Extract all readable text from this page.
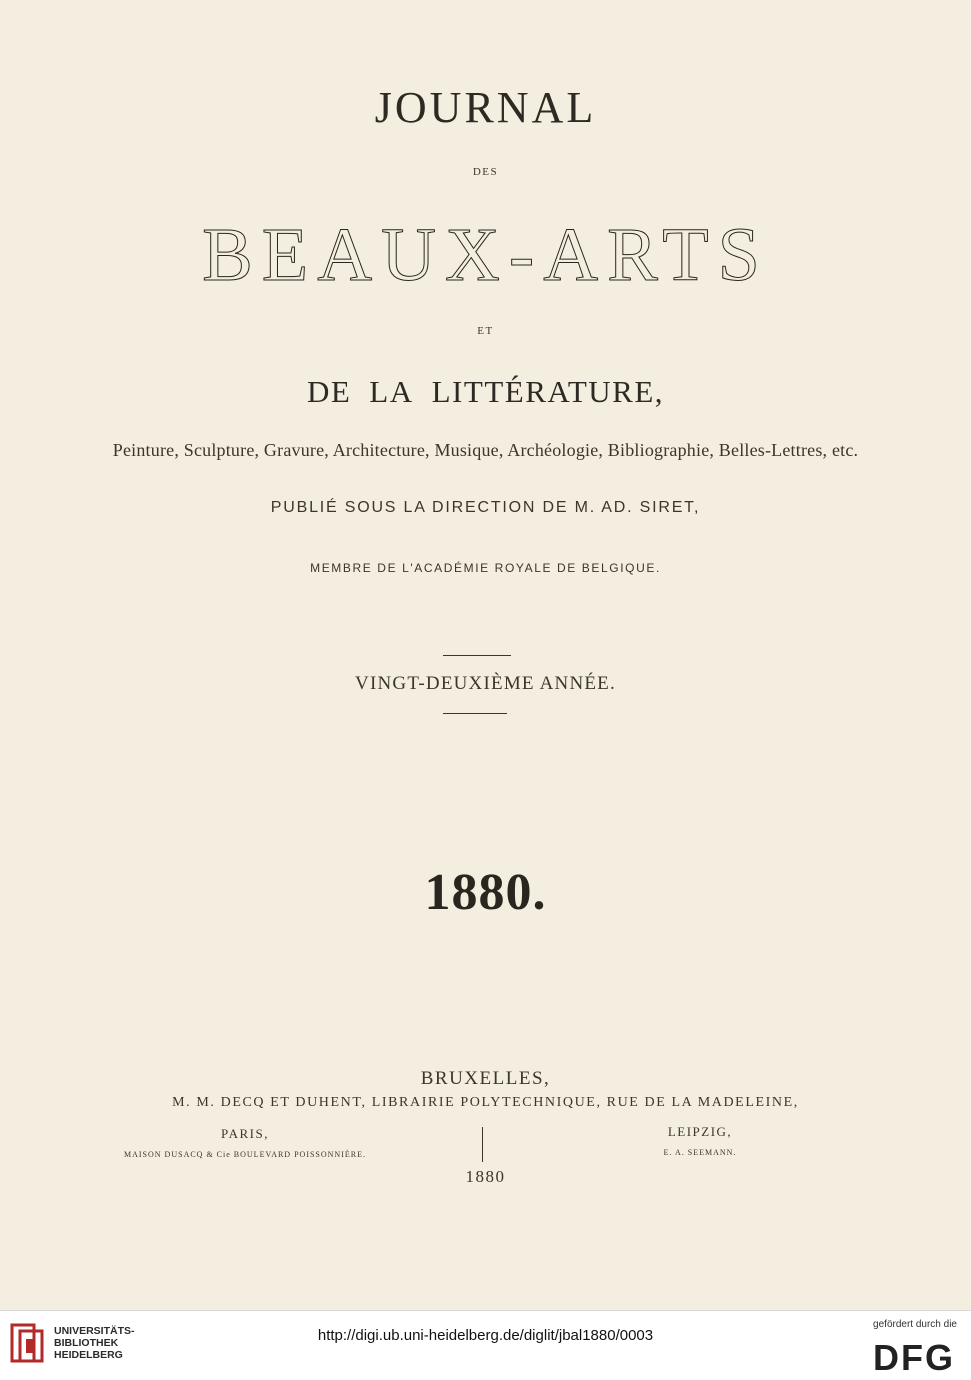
JOURNAL

DES

BEAUX-ARTS

ET

DE LA LITTÉRATURE,

Peinture, Sculpture, Gravure, Architecture, Musique, Archéologie, Bibliographie, Belles-Lettres, etc.

PUBLIÉ SOUS LA DIRECTION DE M. AD. SIRET,

MEMBRE DE L'ACADÉMIE ROYALE DE BELGIQUE.

VINGT-DEUXIÈME ANNÉE.

1880.

BRUXELLES,

M. M. DECQ ET DUHENT, LIBRAIRIE POLYTECHNIQUE, RUE DE LA MADELEINE,

PARIS,
MAISON DUSACQ & Cie BOULEVARD POISSONNIÈRE.
LEIPZIG,
E. A. SEEMANN.

1880

UNIVERSITÄTS-
BIBLIOTHEK
HEIDELBERG
http://digi.ub.uni-heidelberg.de/diglit/jbal1880/0003
gefördert durch die
DFG
